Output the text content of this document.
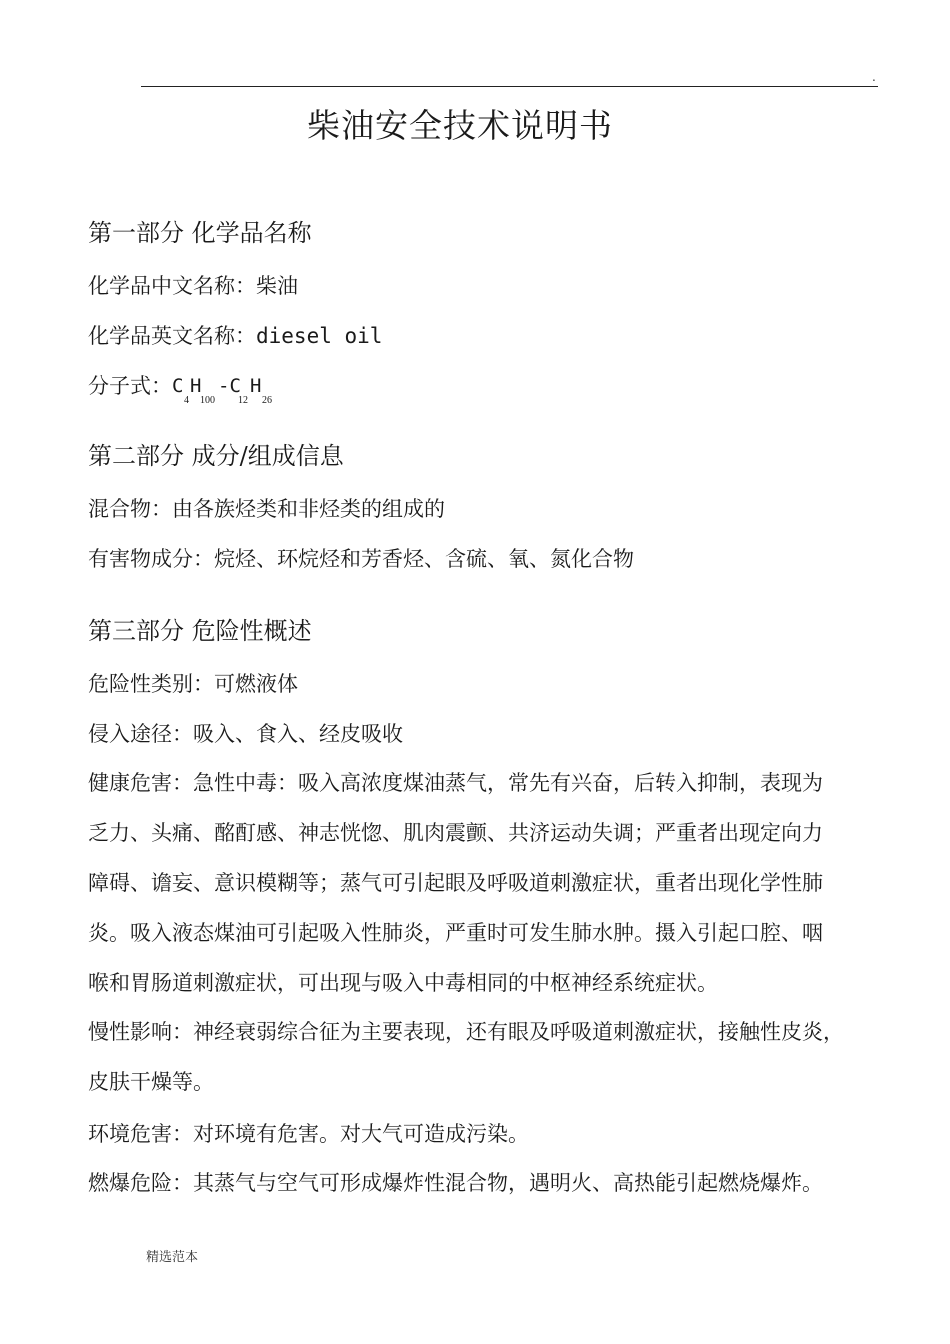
.
柴油安全技术说明书
第一部分 化学品名称
化学品中文名称：柴油
化学品英文名称：diesel oil
分子式： C H -C H
4 100 12 26
第二部分 成分/组成信息
混合物：由各族烃类和非烃类的组成的
有害物成分：烷烃、环烷烃和芳香烃、含硫、氧、氮化合物
第三部分 危险性概述
危险性类别：可燃液体
侵入途径：吸入、食入、经皮吸收
健康危害：急性中毒：吸入高浓度煤油蒸气，常先有兴奋，后转入抑制，表现为
乏力、头痛、酩酊感、神志恍惚、肌肉震颤、共济运动失调；严重者出现定向力
障碍、谵妄、意识模糊等；蒸气可引起眼及呼吸道刺激症状，重者出现化学性肺
炎。吸入液态煤油可引起吸入性肺炎，严重时可发生肺水肿。摄入引起口腔、咽
喉和胃肠道刺激症状，可出现与吸入中毒相同的中枢神经系统症状。
慢性影响：神经衰弱综合征为主要表现，还有眼及呼吸道刺激症状，接触性皮炎，
皮肤干燥等。
环境危害：对环境有危害。对大气可造成污染。
燃爆危险：其蒸气与空气可形成爆炸性混合物，遇明火、高热能引起燃烧爆炸。
精选范本
